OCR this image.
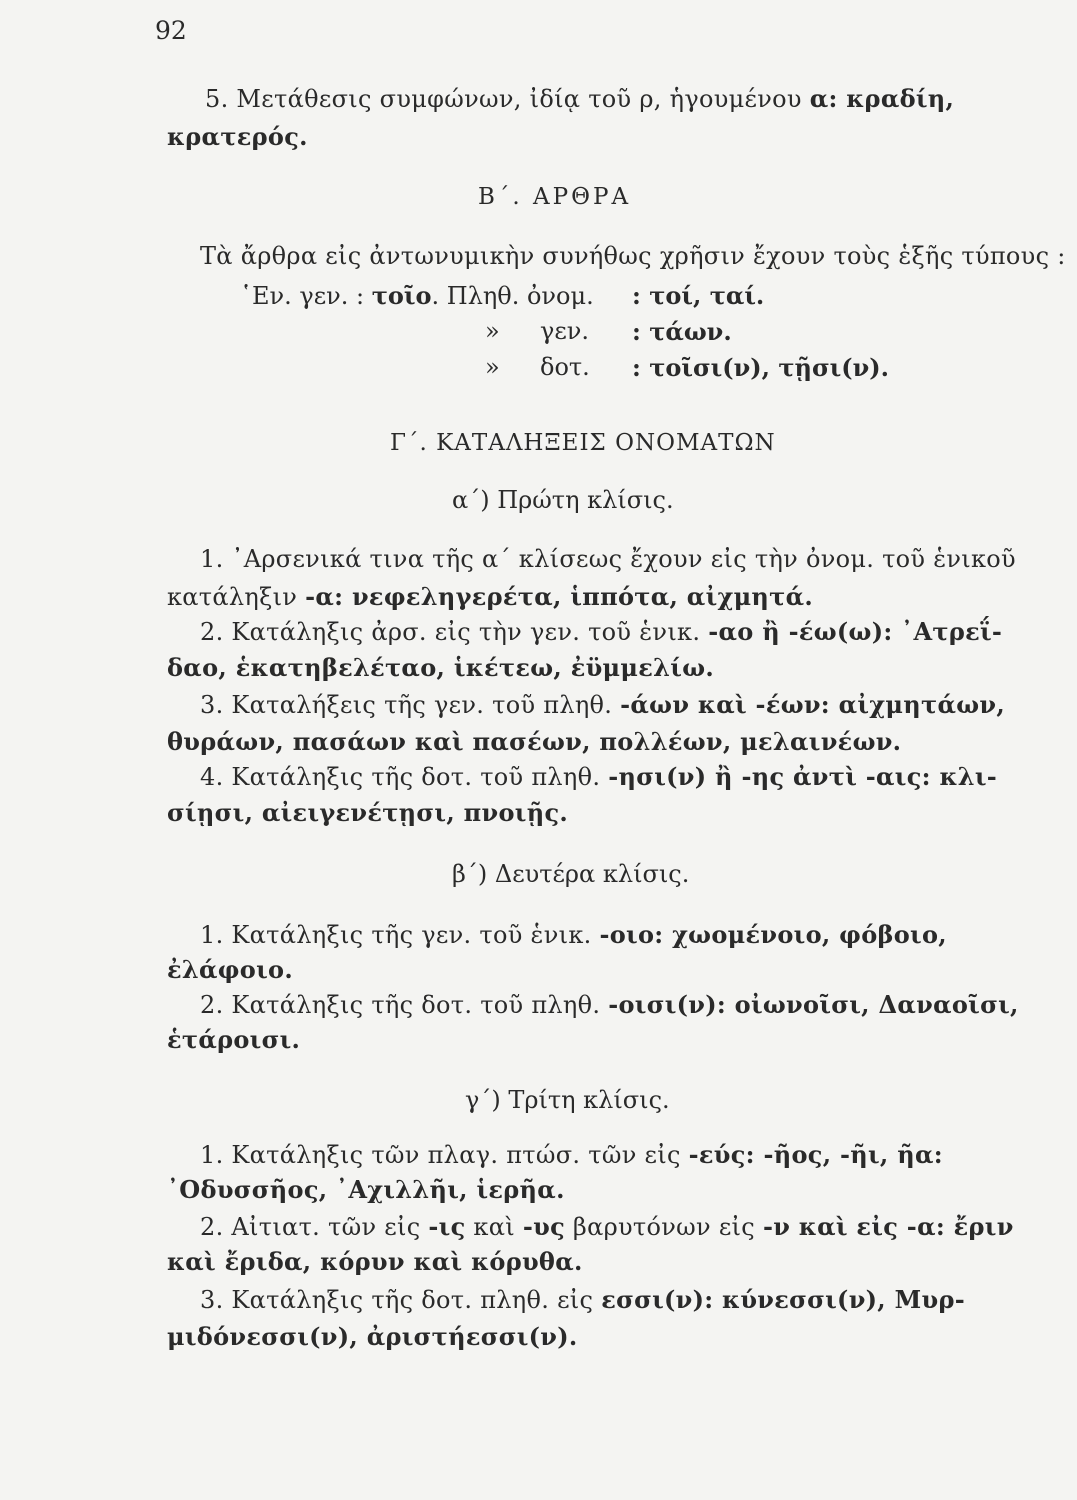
92
5. Μετάθεσις συμφώνων, ἰδίᾳ τοῦ ρ, ἡγουμένου α: κραδίη,
κρατερός.
Β΄. ΑΡΘΡΑ
Τὰ ἄρθρα εἰς ἀντωνυμικὴν συνήθως χρῆσιν ἔχουν τοὺς ἑξῆς τύπους :
῾Εν. γεν. : τοῖο. Πληθ. ὀνομ. : τοί, ταί.
» γεν. : τάων.
» δοτ. : τοῖσι(ν), τῇσι(ν).
Γ΄. ΚΑΤΑΛΗΞΕΙΣ ΟΝΟΜΑΤΩΝ
α΄) Πρώτη κλίσις.
1. ᾿Αρσενικά τινα τῆς α΄ κλίσεως ἔχουν εἰς τὴν ὀνομ. τοῦ ἑνικοῦ
κατάληξιν -α: νεφεληγερέτα, ἱππότα, αἰχμητά.
2. Κατάληξις ἀρσ. εἰς τὴν γεν. τοῦ ἑνικ. -αο ἢ -έω(ω): ᾿Ατρεΐ-
δαο, ἑκατηβελέταο, ἱκέτεω, ἐϋμμελίω.
3. Καταλήξεις τῆς γεν. τοῦ πληθ. -άων καὶ -έων: αἰχμητάων,
θυράων, πασάων καὶ πασέων, πολλέων, μελαινέων.
4. Κατάληξις τῆς δοτ. τοῦ πληθ. -ησι(ν) ἢ -ης ἀντὶ -αις: κλι-
σίῃσι, αἰειγενέτῃσι, πνοιῇς.
β΄) Δευτέρα κλίσις.
1. Κατάληξις τῆς γεν. τοῦ ἑνικ. -οιο: χωομένοιο, φόβοιο,
ἐλάφοιο.
2. Κατάληξις τῆς δοτ. τοῦ πληθ. -οισι(ν): οἰωνοῖσι, Δαναοῖσι,
ἑτάροισι.
γ΄) Τρίτη κλίσις.
1. Κατάληξις τῶν πλαγ. πτώσ. τῶν εἰς -εύς: -ῆος, -ῆι, ῆα:
᾿Οδυσσῆος, ᾿Αχιλλῆι, ἱερῆα.
2. Αἰτιατ. τῶν εἰς -ις καὶ -υς βαρυτόνων εἰς -ν καὶ εἰς -α: ἔριν
καὶ ἔριδα, κόρυν καὶ κόρυθα.
3. Κατάληξις τῆς δοτ. πληθ. εἰς εσσι(ν): κύνεσσι(ν), Μυρ-
μιδόνεσσι(ν), ἀριστήεσσι(ν).
